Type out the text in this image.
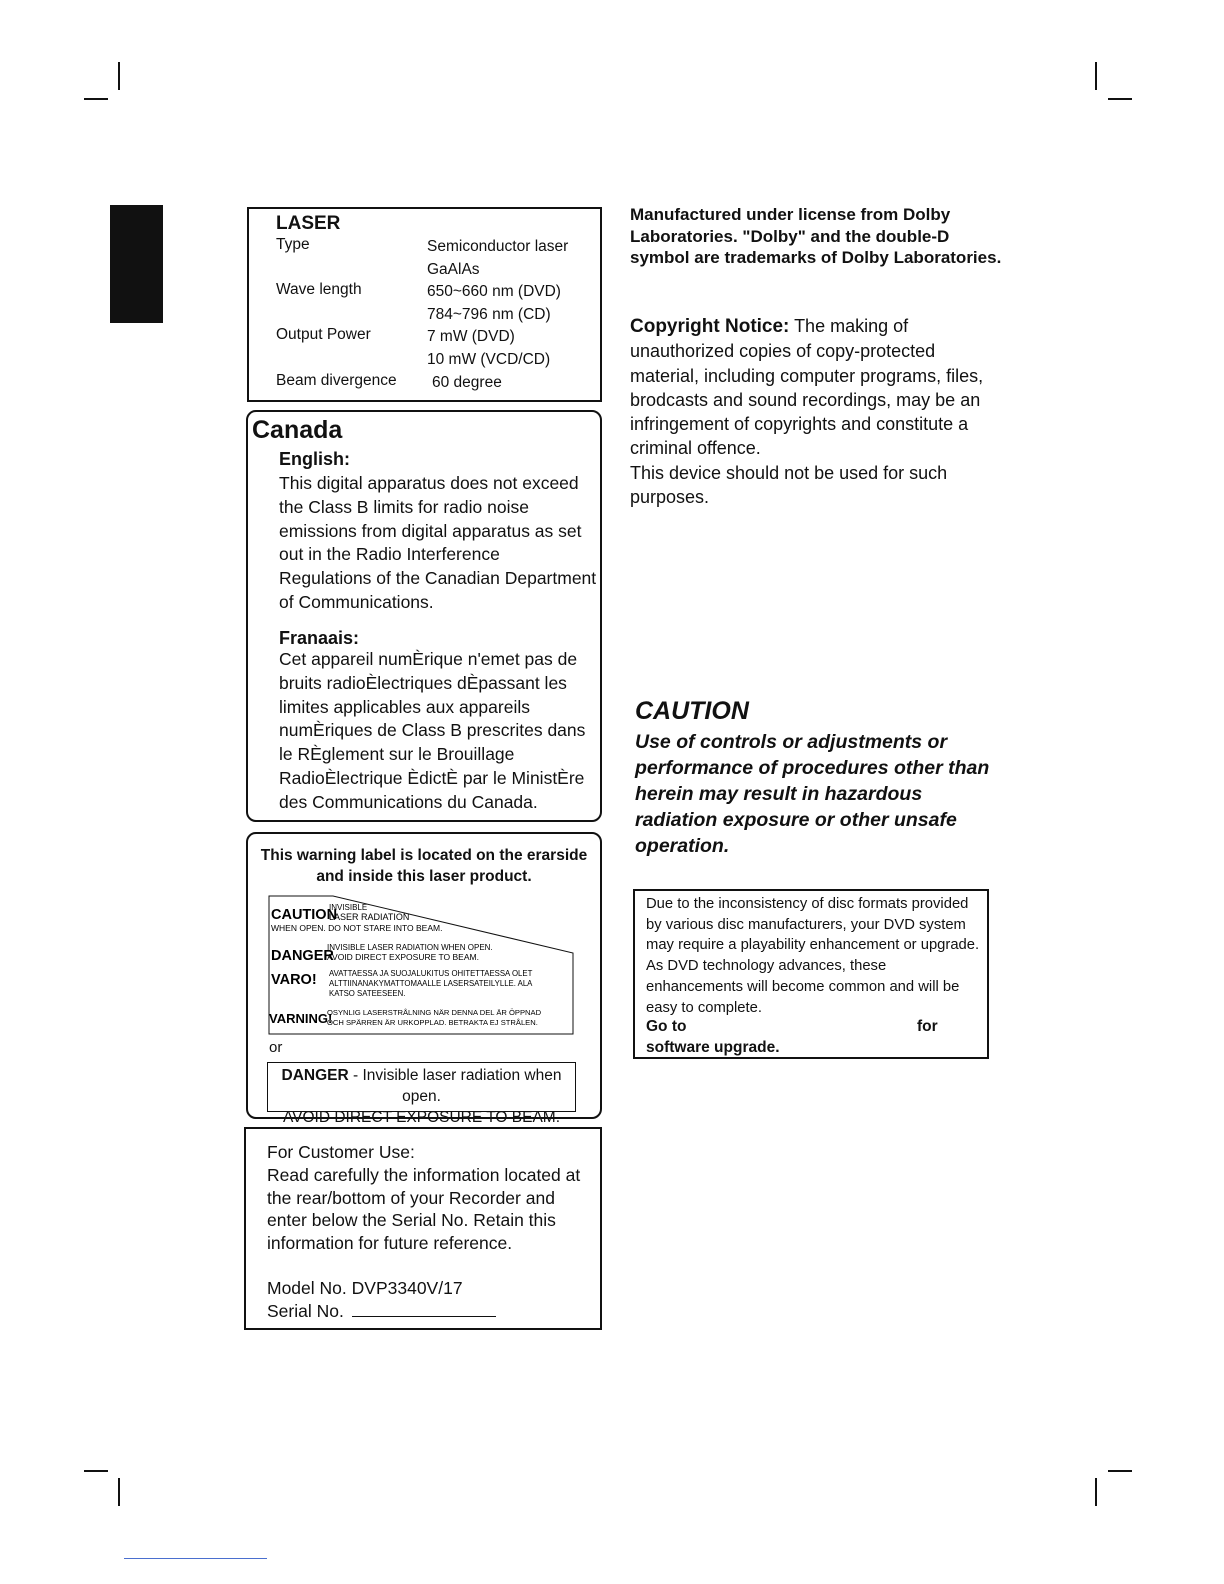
LASER
Type	Semiconductor laser
GaAlAs
Wave length	650~660 nm (DVD)
784~796 nm (CD)
Output Power	7 mW (DVD)
10 mW (VCD/CD)
Beam divergence 60 degree
Canada
English:
This digital apparatus does not exceed the Class B limits for radio noise emissions from digital apparatus as set out in the Radio Interference Regulations of the Canadian Department of Communications.
Franaais:
Cet appareil numÈrique n'emet pas de bruits radioÈlectriques dÈpassant les limites applicables aux appareils numÈriques de Class B prescrites dans le RÈglement sur le Brouillage RadioÈlectrique ÈdictÈ par le MinistÈre des Communications du Canada.
This warning label is located on the erarside
and inside this laser product.
CAUTION
INVISIBLE
LASER RADIATION
WHEN OPEN. DO NOT STARE INTO BEAM.
DANGER
INVISIBLE LASER RADIATION WHEN OPEN.
AVOID DIRECT EXPOSURE TO BEAM.
VARO! AVATTAESSA JA SUOJALUKITUS OHITETTAESSA OLET
ALTTIINANAKYMATTOMAALLE LASERSATEILYLLE. ALA
KATSO SATEESEEN.
VARNING!
OSYNLIG LASERSTRÅLNING NÄR DENNA DEL ÄR ÖPPNAD
OCH SPÄRREN ÄR URKOPPLAD. BETRAKTA EJ STRÅLEN.
or
DANGER - Invisible laser radiation when open.
AVOID DIRECT EXPOSURE TO BEAM.
For Customer Use:
Read carefully the information located at the rear/bottom of your Recorder and enter below the Serial No. Retain this information for future reference.
Model No. DVP3340V/17
Serial No.
Manufactured under license from Dolby Laboratories. "Dolby" and the double-D symbol are trademarks of Dolby Laboratories.
Copyright Notice: The making of unauthorized copies of copy-protected material, including computer programs, files, brodcasts and sound recordings, may be an infringement of copyrights and constitute a criminal offence.
This device should not be used for such purposes.
CAUTION
Use of controls or adjustments or performance of procedures other than herein may result in hazardous radiation exposure or other unsafe operation.
Due to the inconsistency of disc formats provided by various disc manufacturers, your DVD system may require a playability enhancement or upgrade. As DVD technology advances, these enhancements will become common and will be easy to complete.
Go to	for
software upgrade.
